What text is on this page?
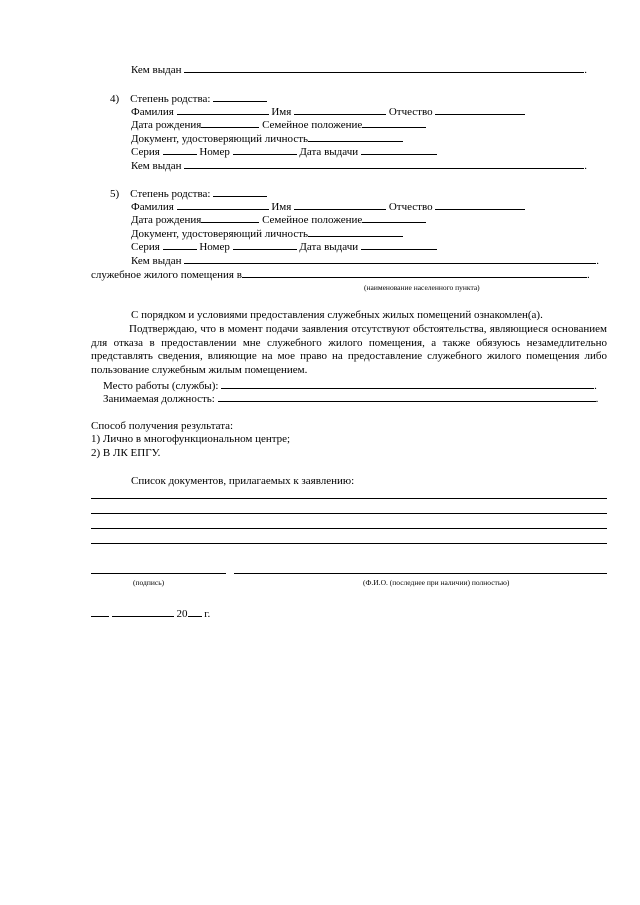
Кем выдан	.
4) Степень родства:
Фамилия	Имя	Отчество
Дата рождения	Семейное положение
Документ, удостоверяющий личность
Серия	Номер	Дата выдачи
Кем выдан	.
5) Степень родства:
Фамилия	Имя	Отчество
Дата рождения	Семейное положение
Документ, удостоверяющий личность
Серия	Номер	Дата выдачи
Кем выдан	.
служебное жилого помещения в	.
(наименование населенного пункта)
С порядком и условиями предоставления служебных жилых помещений ознакомлен(а).
Подтверждаю, что в момент подачи заявления отсутствуют обстоятельства, являющиеся основанием для отказа в предоставлении мне служебного жилого помещения, а также обязуюсь незамедлительно представлять сведения, влияющие на мое право на предоставление служебного жилого помещения либо пользование служебным жилым помещением.
Место работы (службы):	.
Занимаемая должность:	.
Способ получения результата:
1) Лично в многофункциональном центре;
2) В ЛК ЕПГУ.
Список документов, прилагаемых к заявлению:
(подпись)	(Ф.И.О. (последнее при наличии) полностью)
20 г.
